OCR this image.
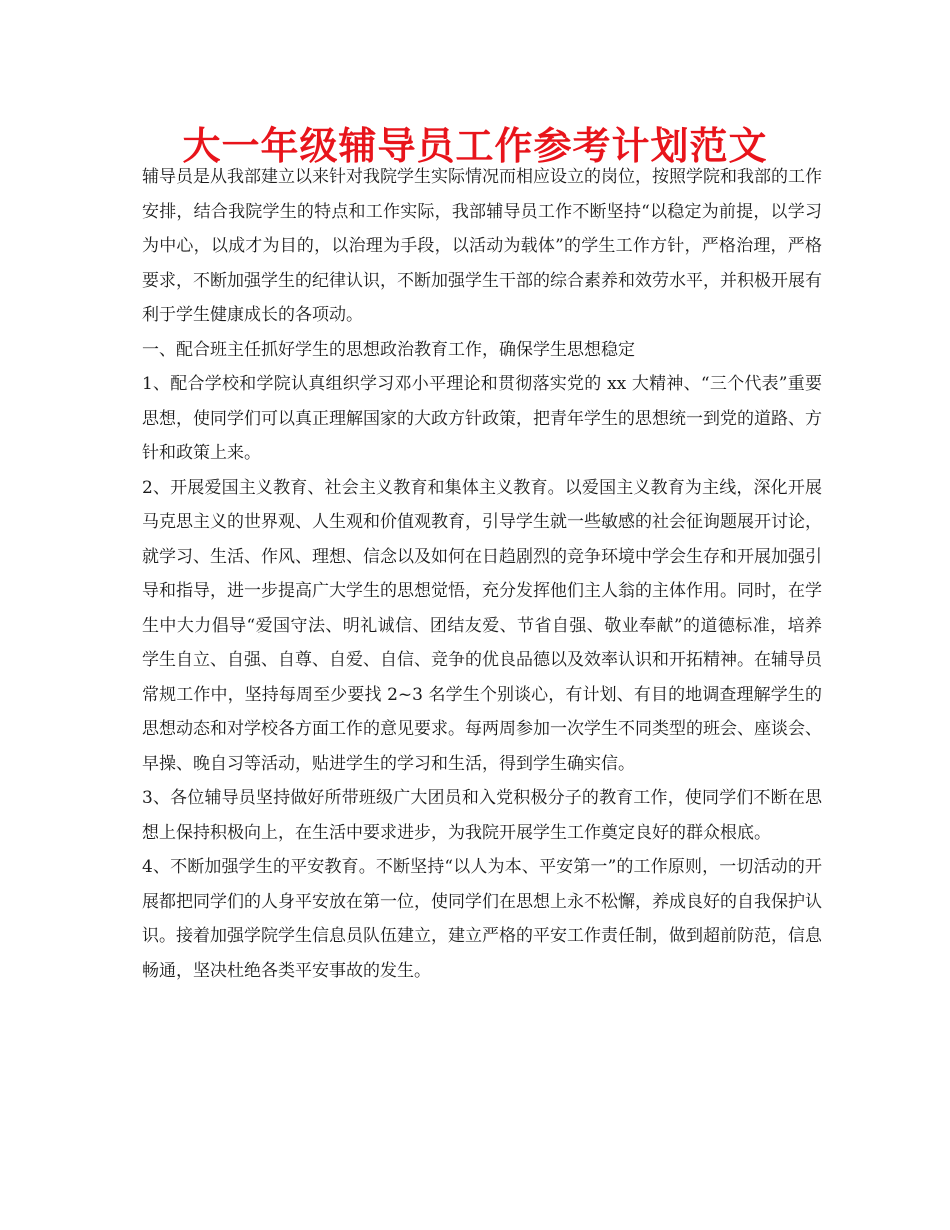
大一年级辅导员工作参考计划范文

辅导员是从我部建立以来针对我院学生实际情况而相应设立的岗位，按照学院和我部的工作安排，结合我院学生的特点和工作实际，我部辅导员工作不断坚持“以稳定为前提，以学习为中心，以成才为目的，以治理为手段，以活动为载体”的学生工作方针，严格治理，严格要求，不断加强学生的纪律认识，不断加强学生干部的综合素养和效劳水平，并积极开展有利于学生健康成长的各项动。

一、配合班主任抓好学生的思想政治教育工作，确保学生思想稳定

1、配合学校和学院认真组织学习邓小平理论和贯彻落实党的 xx 大精神、“三个代表”重要思想，使同学们可以真正理解国家的大政方针政策，把青年学生的思想统一到党的道路、方针和政策上来。

2、开展爱国主义教育、社会主义教育和集体主义教育。以爱国主义教育为主线，深化开展马克思主义的世界观、人生观和价值观教育，引导学生就一些敏感的社会征询题展开讨论，就学习、生活、作风、理想、信念以及如何在日趋剧烈的竞争环境中学会生存和开展加强引导和指导，进一步提高广大学生的思想觉悟，充分发挥他们主人翁的主体作用。同时，在学生中大力倡导“爱国守法、明礼诚信、团结友爱、节省自强、敬业奉献”的道德标准，培养学生自立、自强、自尊、自爱、自信、竞争的优良品德以及效率认识和开拓精神。在辅导员常规工作中，坚持每周至少要找 2~3 名学生个别谈心，有计划、有目的地调查理解学生的思想动态和对学校各方面工作的意见要求。每两周参加一次学生不同类型的班会、座谈会、早操、晚自习等活动，贴进学生的学习和生活，得到学生确实信。

3、各位辅导员坚持做好所带班级广大团员和入党积极分子的教育工作，使同学们不断在思想上保持积极向上，在生活中要求进步，为我院开展学生工作奠定良好的群众根底。

4、不断加强学生的平安教育。不断坚持“以人为本、平安第一”的工作原则，一切活动的开展都把同学们的人身平安放在第一位，使同学们在思想上永不松懈，养成良好的自我保护认识。接着加强学院学生信息员队伍建立，建立严格的平安工作责任制，做到超前防范，信息畅通，坚决杜绝各类平安事故的发生。
